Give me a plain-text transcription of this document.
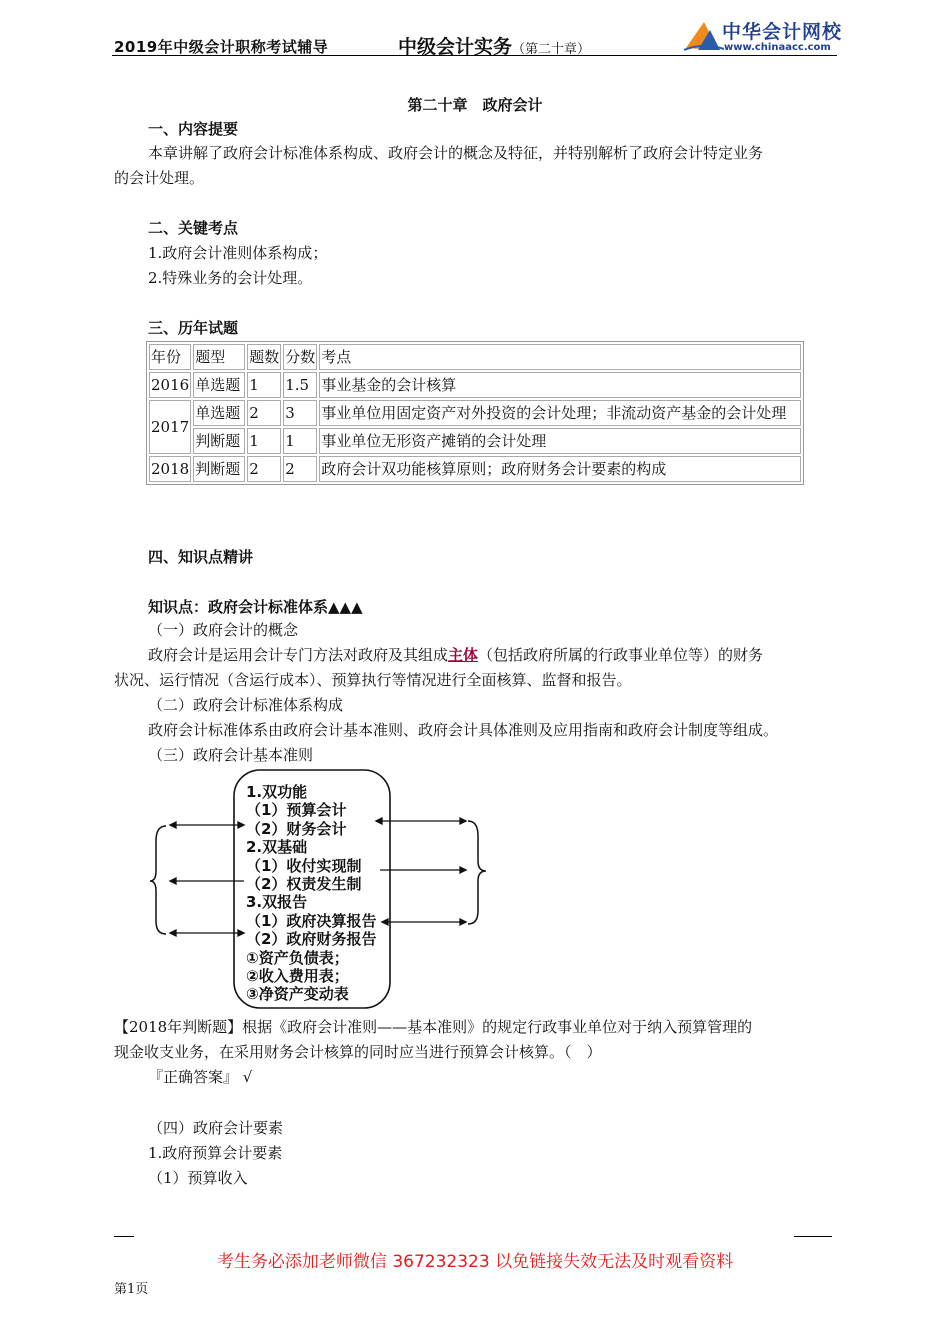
2019年中级会计职称考试辅导	中级会计实务（第二十章）
中华会计网校
www.chinaacc.com
第二十章　政府会计
一、内容提要
本章讲解了政府会计标准体系构成、政府会计的概念及特征，并特别解析了政府会计特定业务
的会计处理。
二、关键考点
1.政府会计准则体系构成；
2.特殊业务的会计处理。
三、历年试题
年份	题型	题数	分数	考点
2016	单选题	1	1.5	事业基金的会计核算
2017	单选题	2	3	事业单位用固定资产对外投资的会计处理；非流动资产基金的会计处理
	判断题	1	1	事业单位无形资产摊销的会计处理
2018	判断题	2	2	政府会计双功能核算原则；政府财务会计要素的构成
四、知识点精讲
知识点：政府会计标准体系▲▲▲
（一）政府会计的概念
政府会计是运用会计专门方法对政府及其组成主体（包括政府所属的行政事业单位等）的财务
状况、运行情况（含运行成本）、预算执行等情况进行全面核算、监督和报告。
（二）政府会计标准体系构成
政府会计标准体系由政府会计基本准则、政府会计具体准则及应用指南和政府会计制度等组成。
（三）政府会计基本准则
1.双功能
（1）预算会计
（2）财务会计
2.双基础
（1）收付实现制
（2）权责发生制
3.双报告
（1）政府决算报告
（2）政府财务报告
①资产负债表；
②收入费用表；
③净资产变动表
【2018年判断题】根据《政府会计准则——基本准则》的规定行政事业单位对于纳入预算管理的
现金收支业务，在采用财务会计核算的同时应当进行预算会计核算。（　）
『正确答案』 √
（四）政府会计要素
1.政府预算会计要素
（1）预算收入
考生务必添加老师微信 367232323 以免链接失效无法及时观看资料
第1页
